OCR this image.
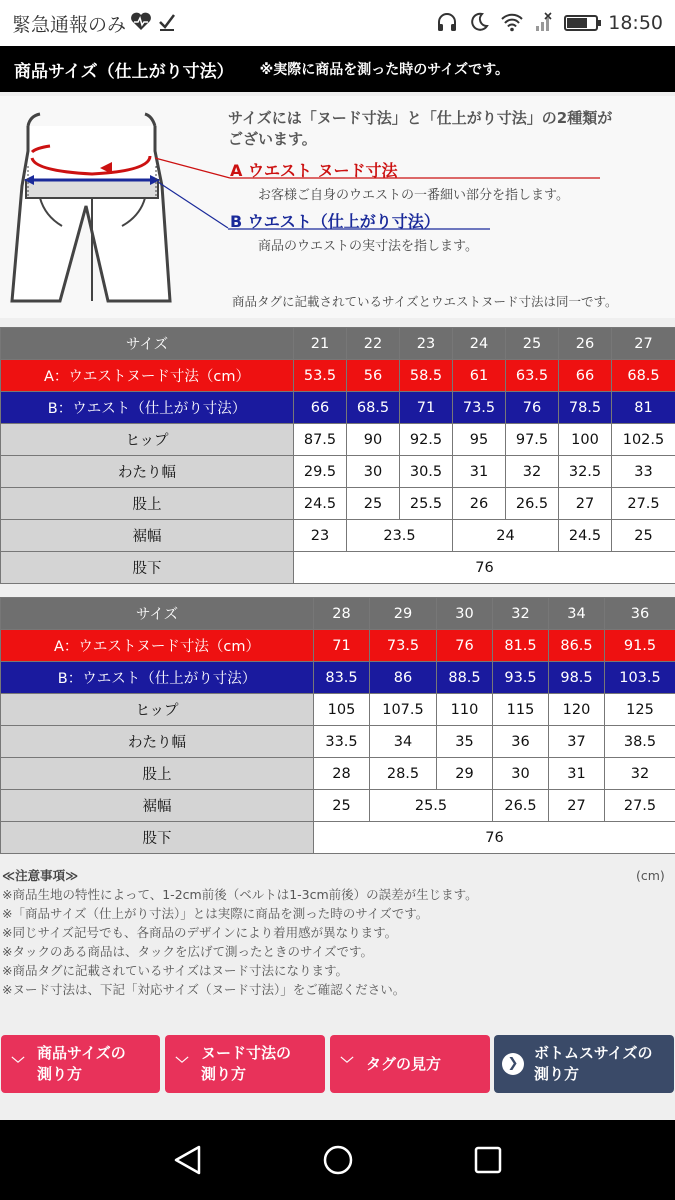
緊急通報のみ	18:50
商品サイズ（仕上がり寸法） ※実際に商品を測った時のサイズです。
サイズには「ヌード寸法」と「仕上がり寸法」の2種類が
ございます。
A ウエスト ヌード寸法
お客様ご自身のウエストの一番細い部分を指します。
B ウエスト（仕上がり寸法）
商品のウエストの実寸法を指します。
商品タグに記載されているサイズとウエストヌード寸法は同一です。
サイズ	21	22	23	24	25	26	27
A：ウエストヌード寸法（cm）	53.5	56	58.5	61	63.5	66	68.5
B：ウエスト（仕上がり寸法）	66	68.5	71	73.5	76	78.5	81
ヒップ	87.5	90	92.5	95	97.5	100	102.5
わたり幅	29.5	30	30.5	31	32	32.5	33
股上	24.5	25	25.5	26	26.5	27	27.5
裾幅	23	23.5		24		24.5	25
股下	76						
サイズ	28	29	30	32	34	36
A：ウエストヌード寸法（cm）	71	73.5	76	81.5	86.5	91.5
B：ウエスト（仕上がり寸法）	83.5	86	88.5	93.5	98.5	103.5
ヒップ	105	107.5	110	115	120	125
わたり幅	33.5	34	35	36	37	38.5
股上	28	28.5	29	30	31	32
裾幅	25	25.5		26.5	27	27.5
股下	76					
≪注意事項≫
※商品生地の特性によって、1-2cm前後（ベルトは1-3cm前後）の誤差が生じます。
※「商品サイズ（仕上がり寸法）」とは実際に商品を測った時のサイズです。
※同じサイズ記号でも、各商品のデザインにより着用感が異なります。
※タックのある商品は、タックを広げて測ったときのサイズです。
※商品タグに記載されているサイズはヌード寸法になります。
※ヌード寸法は、下記「対応サイズ（ヌード寸法）」をご確認ください。
(cm)
﹀
商品サイズの
測り方
﹀
ヌード寸法の
測り方
﹀ タグの見方	❯
ボトムスサイズの
測り方
